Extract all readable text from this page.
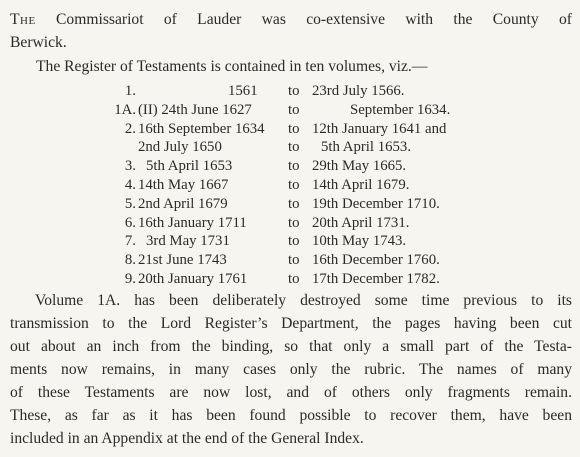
The Commissariot of Lauder was co-extensive with the County of
Berwick.
The Register of Testaments is contained in ten volumes, viz.—
1.	1561 to 23rd July 1566.
1A. (II) 24th June 1627 to	September 1634.
2. 16th September 1634 to 12th January 1641 and
2nd July 1650	to 5th April 1653.
3. 5th April 1653	to 29th May 1665.
4. 14th May 1667	to 14th April 1679.
5. 2nd April 1679	to 19th December 1710.
6. 16th January 1711	to 20th April 1731.
7. 3rd May 1731	to 10th May 1743.
8. 21st June 1743	to 16th December 1760.
9. 20th January 1761	to 17th December 1782.
Volume 1A. has been deliberately destroyed some time previous to its
transmission to the Lord Register’s Department, the pages having been cut
out about an inch from the binding, so that only a small part of the Testa-
ments now remains, in many cases only the rubric. The names of many
of these Testaments are now lost, and of others only fragments remain.
These, as far as it has been found possible to recover them, have been
included in an Appendix at the end of the General Index.
